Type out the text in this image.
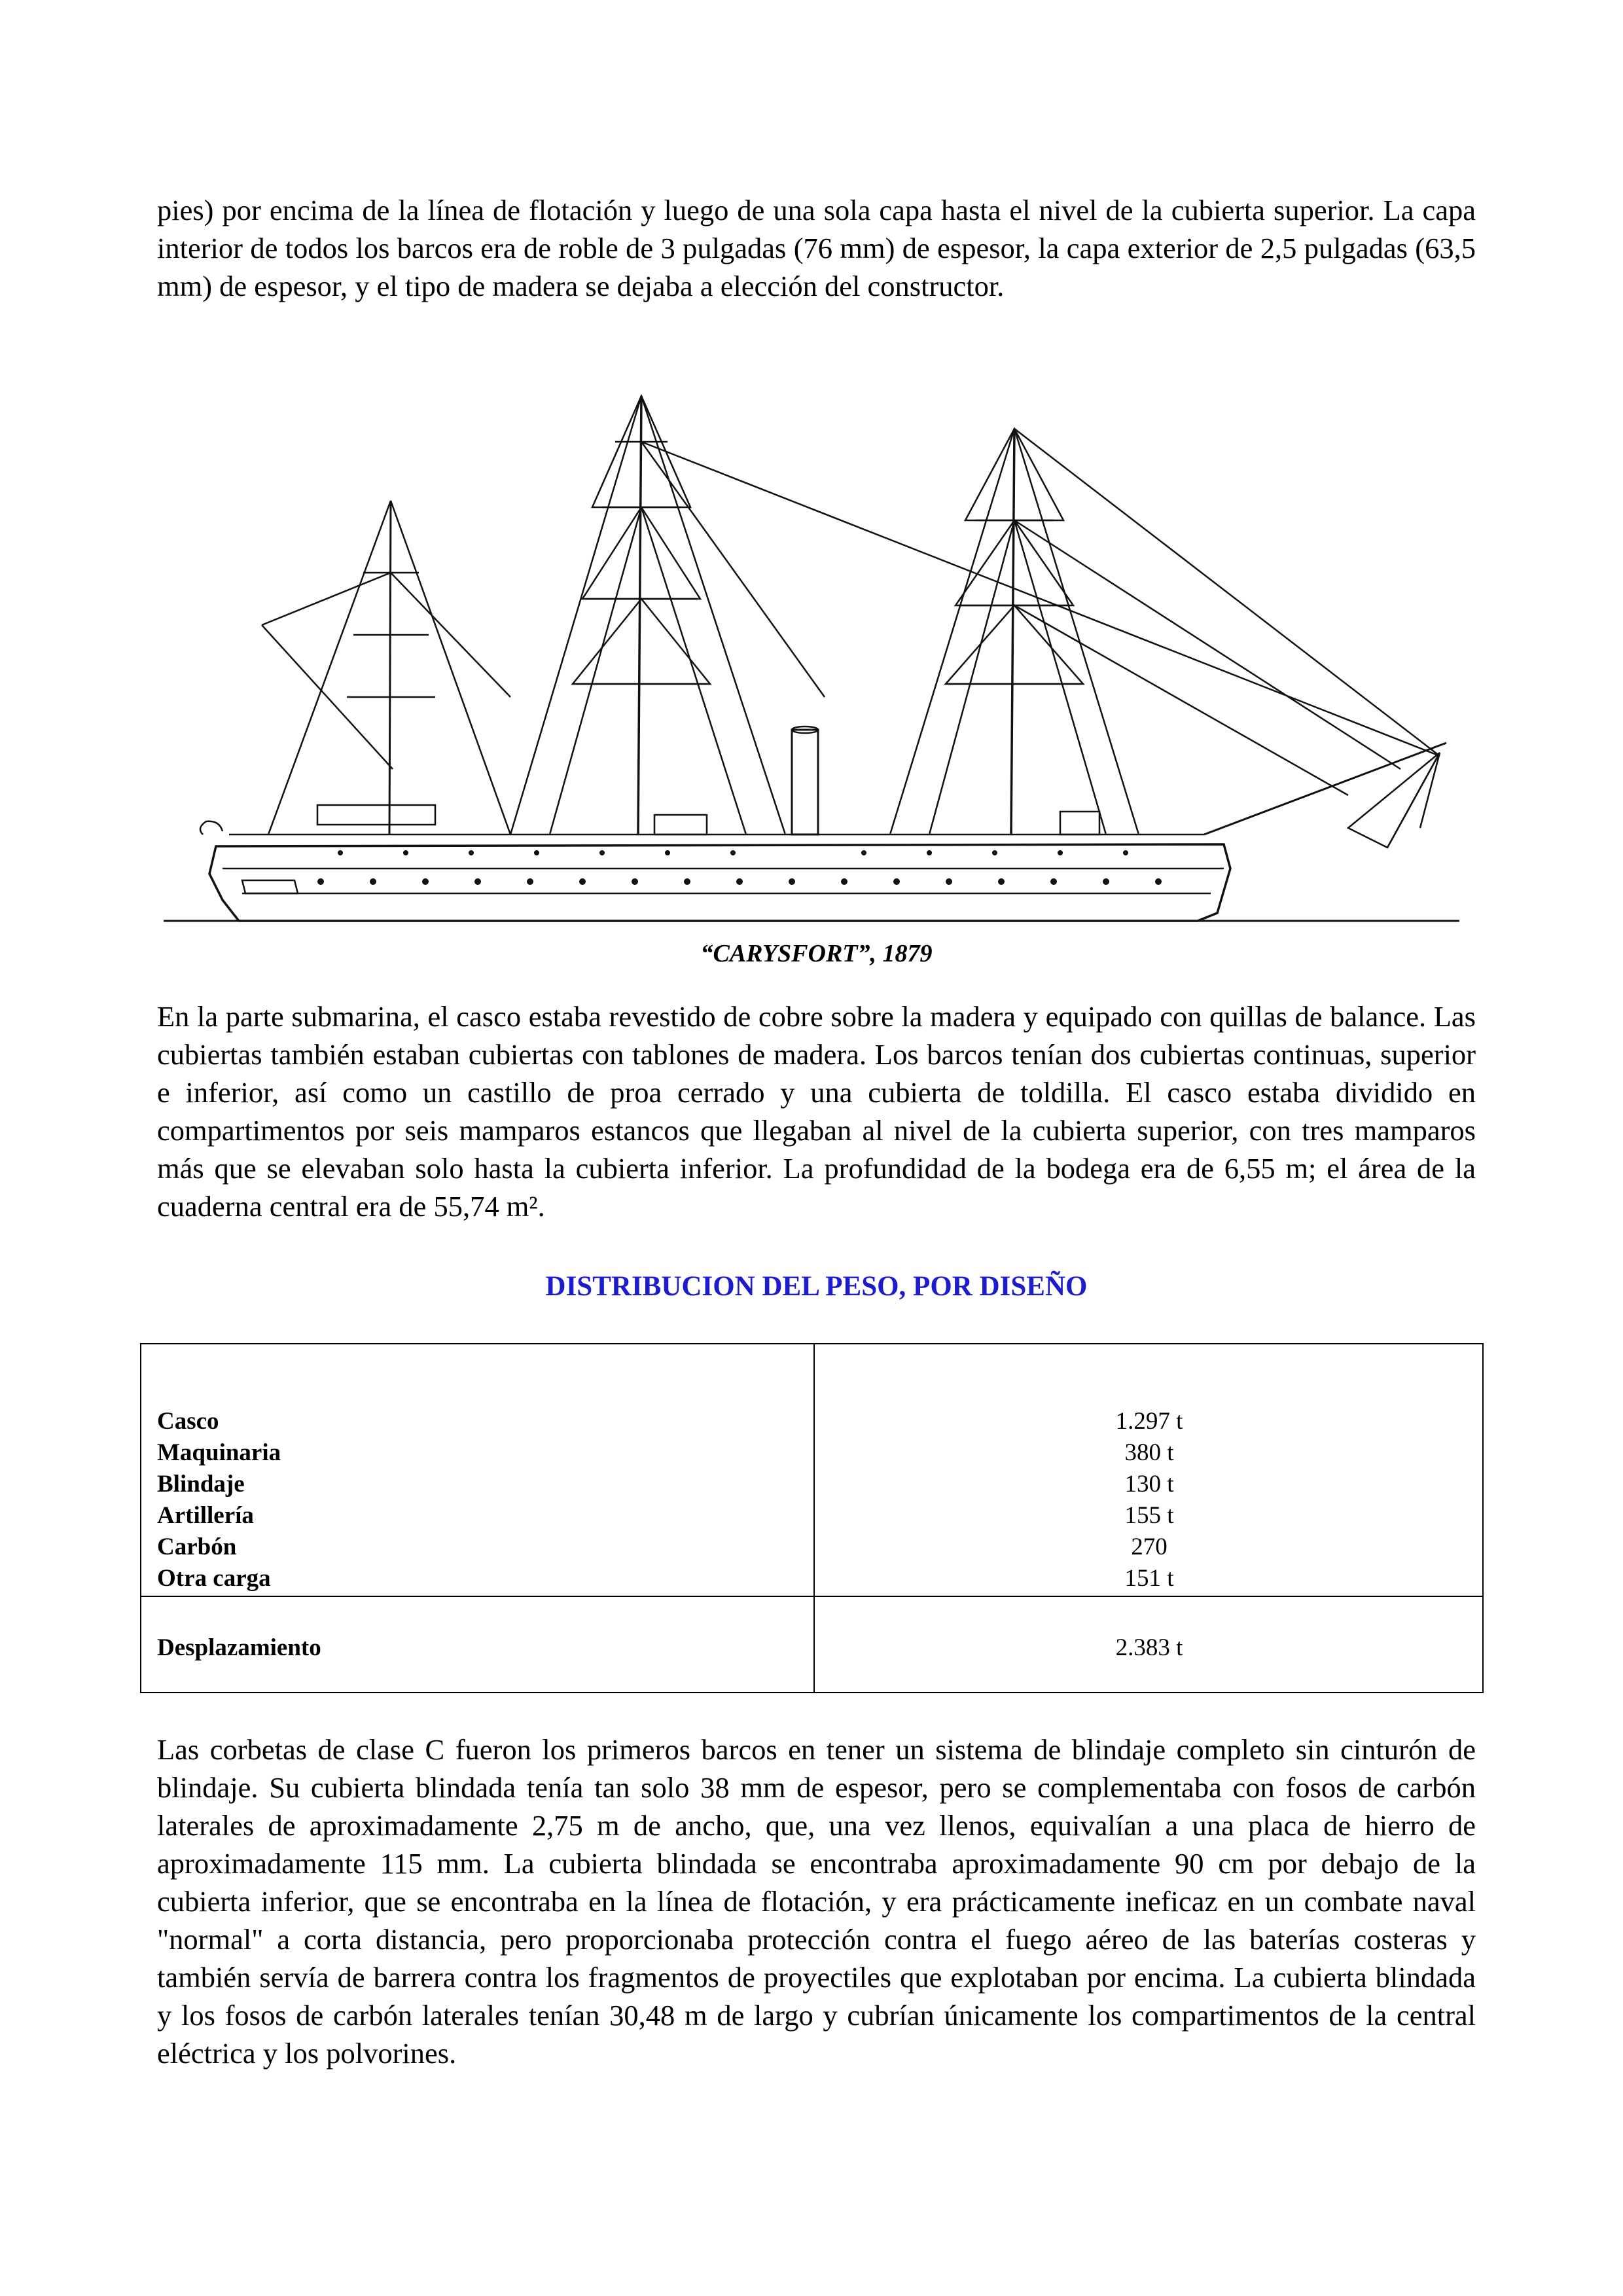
pies) por encima de la línea de flotación y luego de una sola capa hasta el nivel de la cubierta superior. La capa interior de todos los barcos era de roble de 3 pulgadas (76 mm) de espesor, la capa exterior de 2,5 pulgadas (63,5 mm) de espesor, y el tipo de madera se dejaba a elección del constructor.

“CARYSFORT”, 1879

En la parte submarina, el casco estaba revestido de cobre sobre la madera y equipado con quillas de balance. Las cubiertas también estaban cubiertas con tablones de madera. Los barcos tenían dos cubiertas continuas, superior e inferior, así como un castillo de proa cerrado y una cubierta de toldilla. El casco estaba dividido en compartimentos por seis mamparos estancos que llegaban al nivel de la cubierta superior, con tres mamparos más que se elevaban solo hasta la cubierta inferior. La profundidad de la bodega era de 6,55 m; el área de la cuaderna central era de 55,74 m².

DISTRIBUCION DEL PESO, POR DISEÑO
Casco
Maquinaria
Blindaje
Artillería
Carbón
Otra carga
1.297 t
380 t
130 t
155 t
270
151 t
Desplazamiento	2.383 t

Las corbetas de clase C fueron los primeros barcos en tener un sistema de blindaje completo sin cinturón de blindaje. Su cubierta blindada tenía tan solo 38 mm de espesor, pero se complementaba con fosos de carbón laterales de aproximadamente 2,75 m de ancho, que, una vez llenos, equivalían a una placa de hierro de aproximadamente 115 mm. La cubierta blindada se encontraba aproximadamente 90 cm por debajo de la cubierta inferior, que se encontraba en la línea de flotación, y era prácticamente ineficaz en un combate naval "normal" a corta distancia, pero proporcionaba protección contra el fuego aéreo de las baterías costeras y también servía de barrera contra los fragmentos de proyectiles que explotaban por encima. La cubierta blindada y los fosos de carbón laterales tenían 30,48 m de largo y cubrían únicamente los compartimentos de la central eléctrica y los polvorines.
